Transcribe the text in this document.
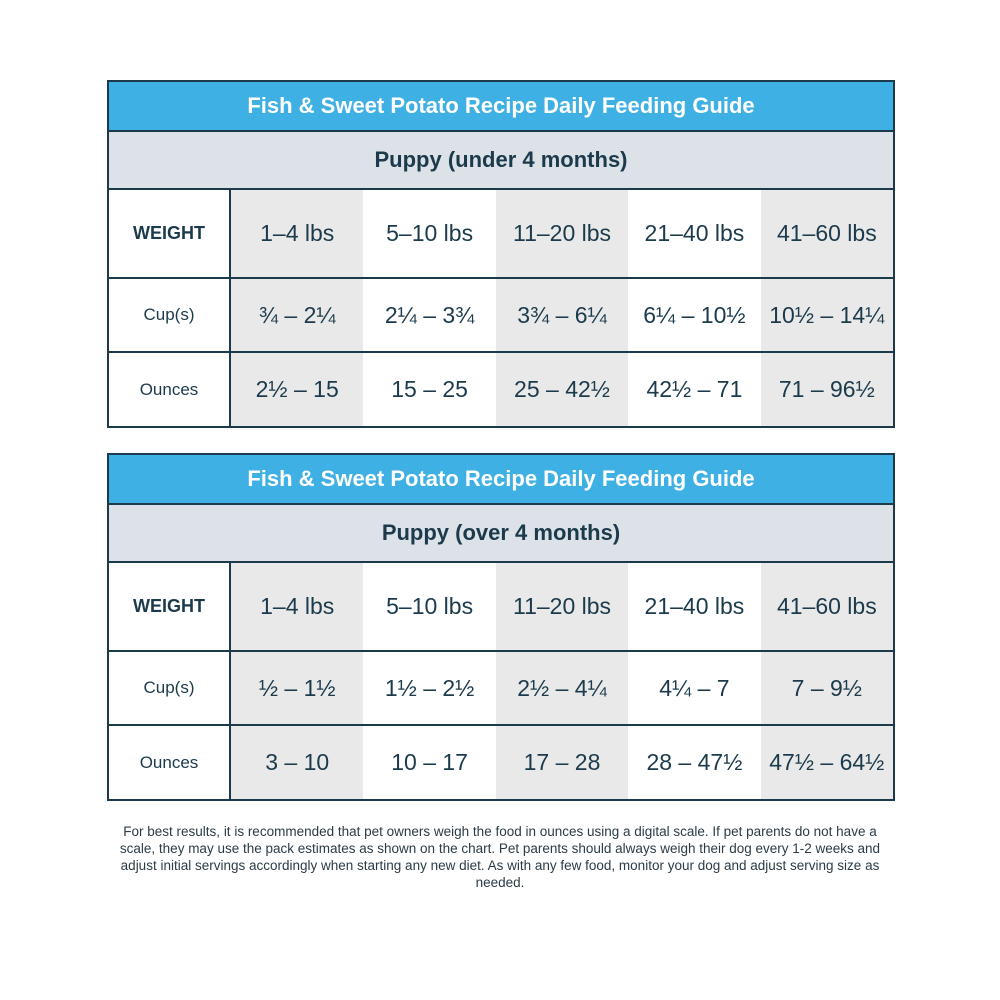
Fish & Sweet Potato Recipe Daily Feeding Guide
Puppy (under 4 months)
WEIGHT	1–4 lbs	5–10 lbs	11–20 lbs	21–40 lbs	41–60 lbs
Cup(s)	¾ – 2¼	2¼ – 3¾	3¾ – 6¼	6¼ – 10½	10½ – 14¼
Ounces	2½ – 15	15 – 25	25 – 42½	42½ – 71	71 – 96½
Fish & Sweet Potato Recipe Daily Feeding Guide
Puppy (over 4 months)
WEIGHT	1–4 lbs	5–10 lbs	11–20 lbs	21–40 lbs	41–60 lbs
Cup(s)	½ – 1½	1½ – 2½	2½ – 4¼	4¼ – 7	7 – 9½
Ounces	3 – 10	10 – 17	17 – 28	28 – 47½	47½ – 64½
For best results, it is recommended that pet owners weigh the food in ounces using a digital scale. If pet parents do not have a scale, they may use the pack estimates as shown on the chart. Pet parents should always weigh their dog every 1-2 weeks and adjust initial servings accordingly when starting any new diet. As with any few food, monitor your dog and adjust serving size as needed.
